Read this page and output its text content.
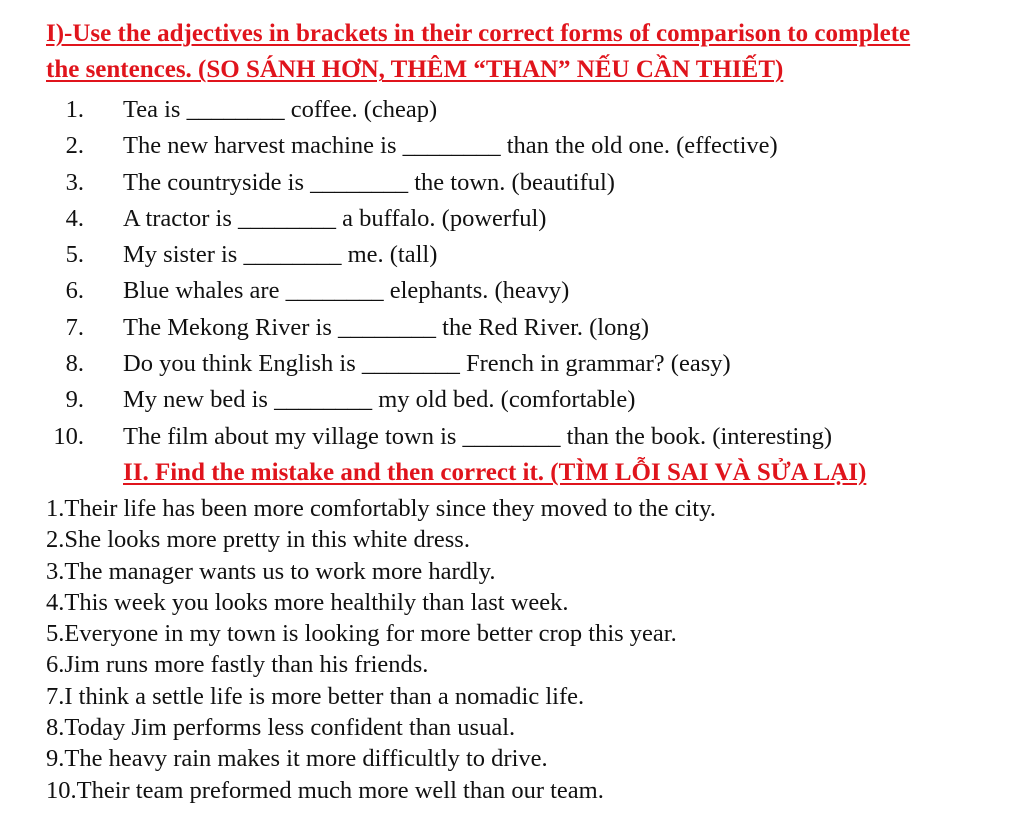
I)-Use the adjectives in brackets in their correct forms of comparison to complete
the sentences. (SO SÁNH HƠN, THÊM “THAN” NẾU CẦN THIẾT)
1. Tea is ________ coffee. (cheap)
2. The new harvest machine is ________ than the old one. (effective)
3. The countryside is ________ the town. (beautiful)
4. A tractor is ________ a buffalo. (powerful)
5. My sister is ________ me. (tall)
6. Blue whales are ________ elephants. (heavy)
7. The Mekong River is ________ the Red River. (long)
8. Do you think English is ________ French in grammar? (easy)
9. My new bed is ________ my old bed. (comfortable)
10. The film about my village town is ________ than the book. (interesting)
II. Find the mistake and then correct it. (TÌM LỖI SAI VÀ SỬA LẠI)
1.Their life has been more comfortably since they moved to the city.
2.She looks more pretty in this white dress.
3.The manager wants us to work more hardly.
4.This week you looks more healthily than last week.
5.Everyone in my town is looking for more better crop this year.
6.Jim runs more fastly than his friends.
7.I think a settle life is more better than a nomadic life.
8.Today Jim performs less confident than usual.
9.The heavy rain makes it more difficultly to drive.
10.Their team preformed much more well than our team.
